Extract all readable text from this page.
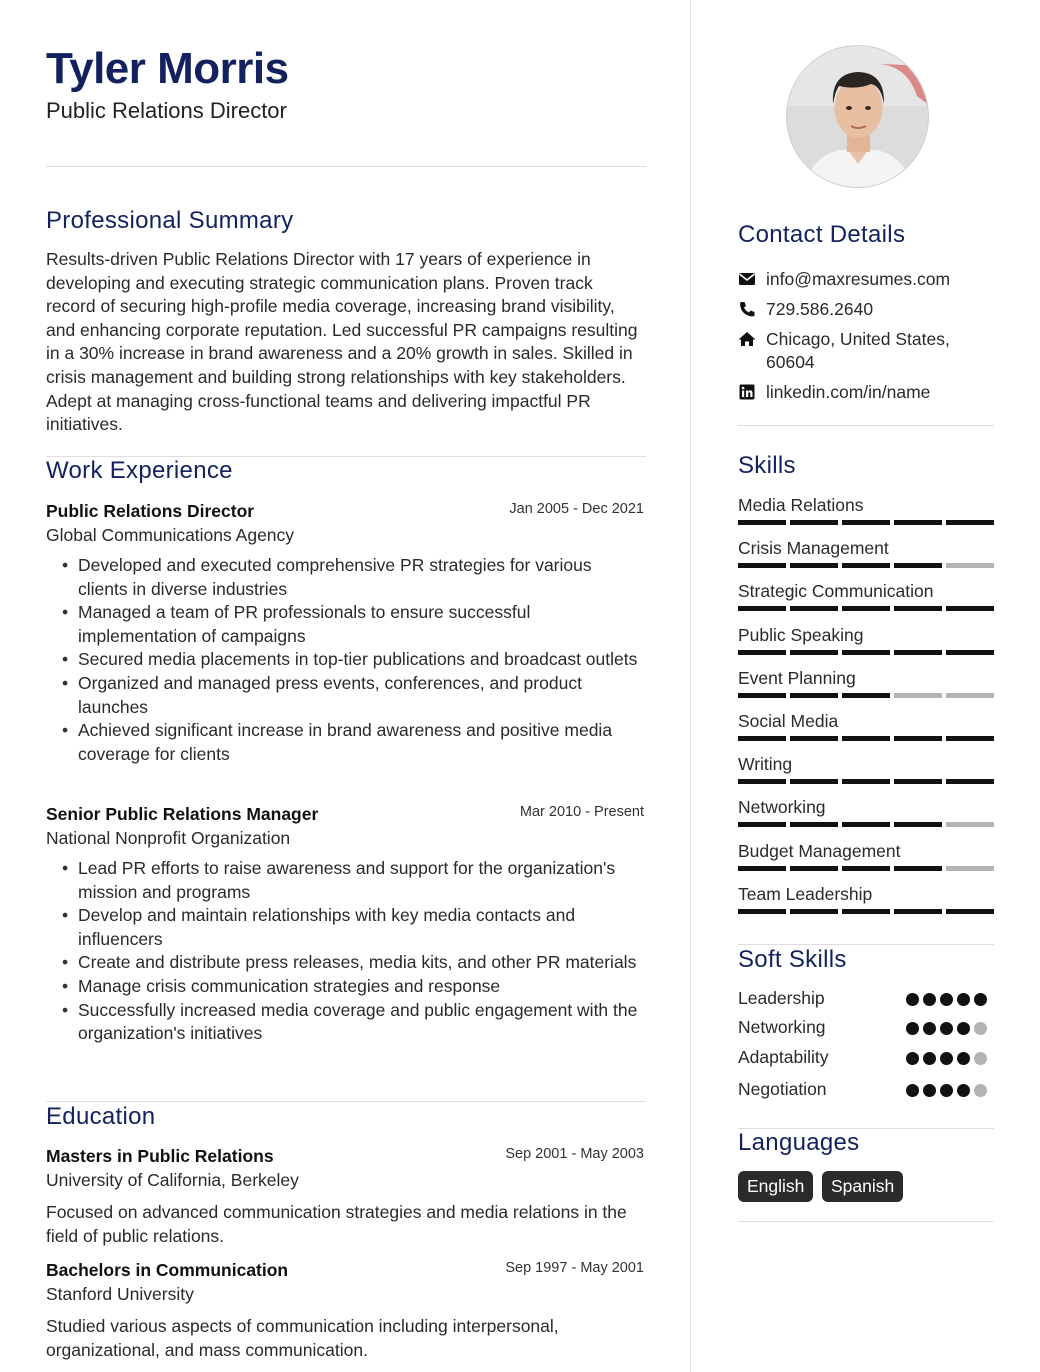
Tyler Morris
Public Relations Director
Professional Summary
Results-driven Public Relations Director with 17 years of experience in developing and executing strategic communication plans. Proven track record of securing high-profile media coverage, increasing brand visibility, and enhancing corporate reputation. Led successful PR campaigns resulting in a 30% increase in brand awareness and a 20% growth in sales. Skilled in crisis management and building strong relationships with key stakeholders. Adept at managing cross-functional teams and delivering impactful PR initiatives.
Work Experience
Public Relations Director	Jan 2005 - Dec 2021
Global Communications Agency
• Developed and executed comprehensive PR strategies for various clients in diverse industries
• Managed a team of PR professionals to ensure successful implementation of campaigns
• Secured media placements in top-tier publications and broadcast outlets
• Organized and managed press events, conferences, and product launches
• Achieved significant increase in brand awareness and positive media coverage for clients
Senior Public Relations Manager	Mar 2010 - Present
National Nonprofit Organization
• Lead PR efforts to raise awareness and support for the organization's mission and programs
• Develop and maintain relationships with key media contacts and influencers
• Create and distribute press releases, media kits, and other PR materials
• Manage crisis communication strategies and response
• Successfully increased media coverage and public engagement with the organization's initiatives
Education
Masters in Public Relations	Sep 2001 - May 2003
University of California, Berkeley
Focused on advanced communication strategies and media relations in the field of public relations.
Bachelors in Communication	Sep 1997 - May 2001
Stanford University
Studied various aspects of communication including interpersonal, organizational, and mass communication.
Contact Details
info@maxresumes.com
729.586.2640
Chicago, United States, 60604
linkedin.com/in/name
Skills
Media Relations
Crisis Management
Strategic Communication
Public Speaking
Event Planning
Social Media
Writing
Networking
Budget Management
Team Leadership
Soft Skills
Leadership
Networking
Adaptability
Negotiation
Languages
English	Spanish
